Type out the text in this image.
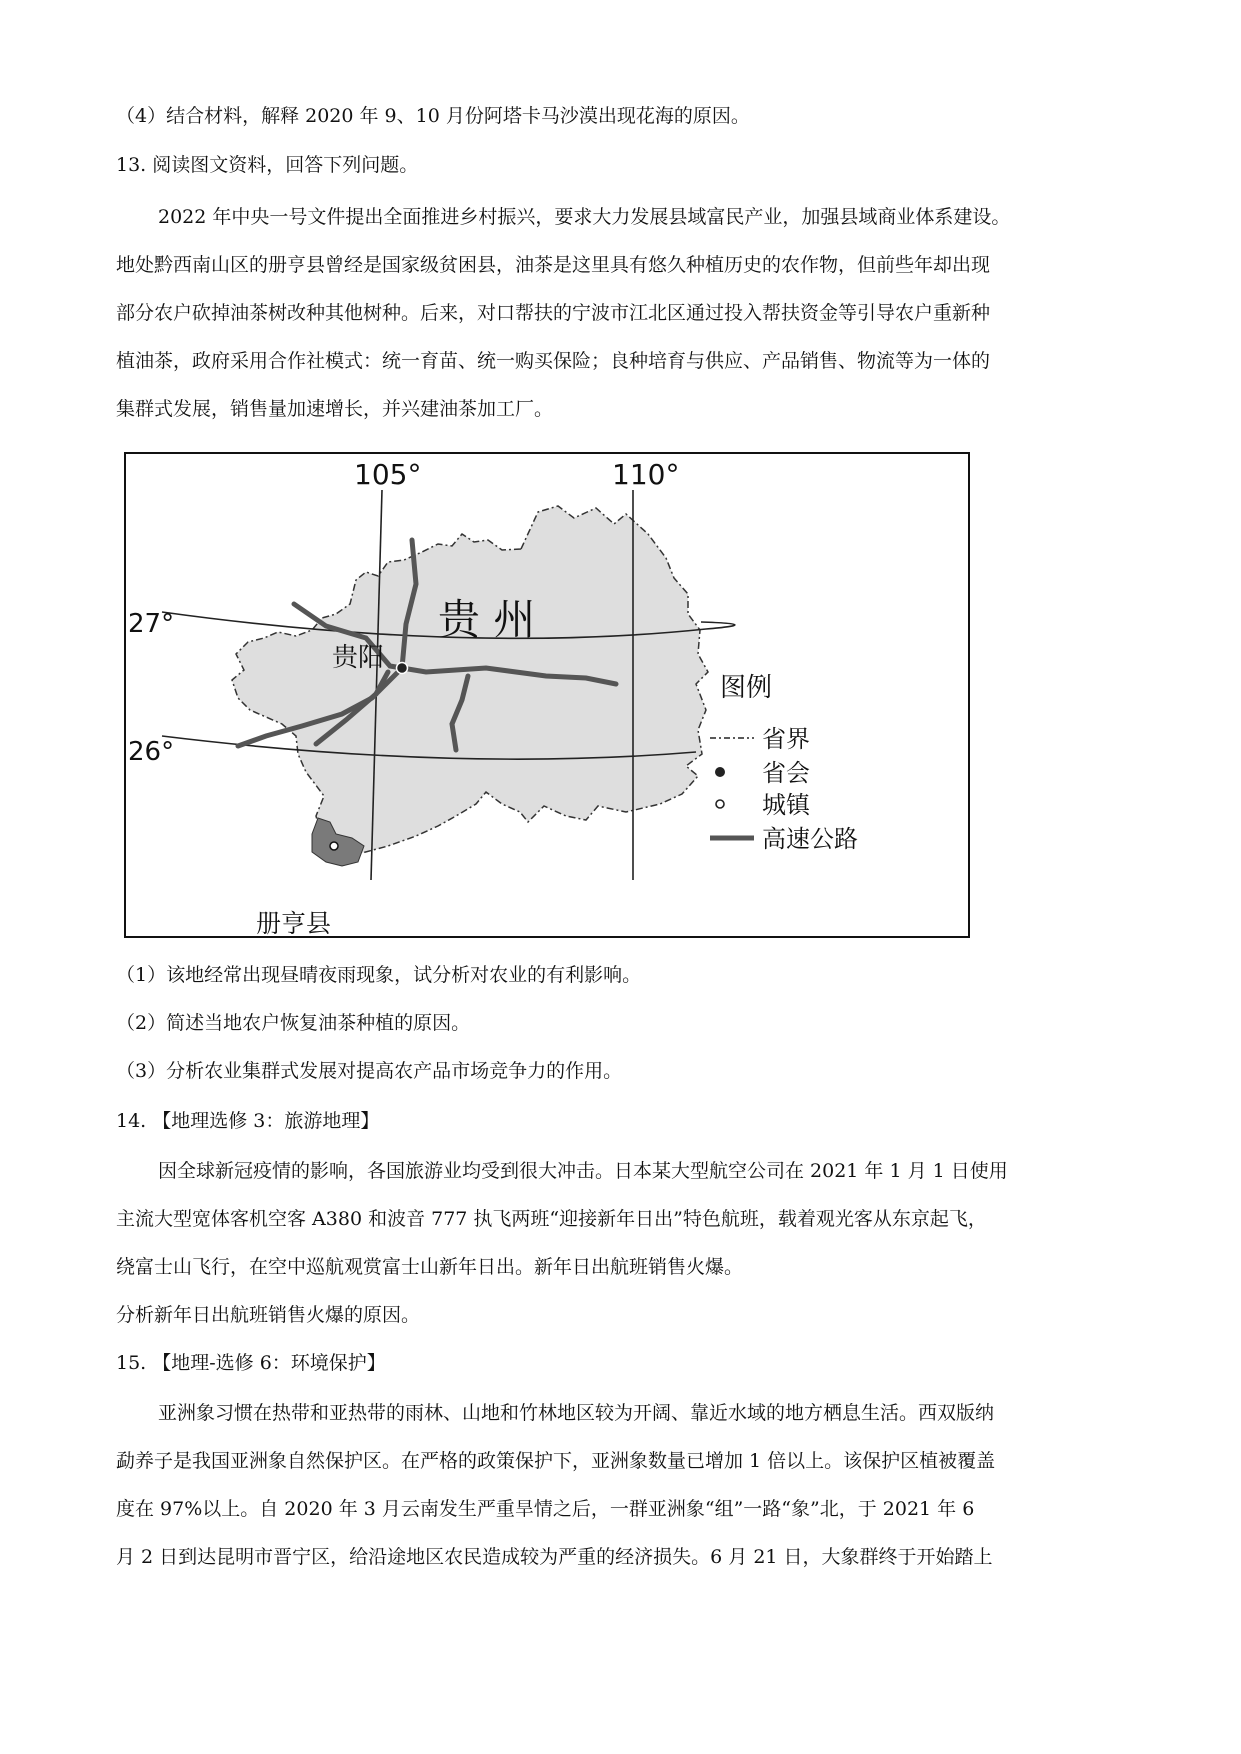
（4）结合材料，解释 2020 年 9、10 月份阿塔卡马沙漠出现花海的原因。
13. 阅读图文资料，回答下列问题。
2022 年中央一号文件提出全面推进乡村振兴，要求大力发展县域富民产业，加强县域商业体系建设。
地处黔西南山区的册亨县曾经是国家级贫困县，油茶是这里具有悠久种植历史的农作物，但前些年却出现
部分农户砍掉油茶树改种其他树种。后来，对口帮扶的宁波市江北区通过投入帮扶资金等引导农户重新种
植油茶，政府采用合作社模式：统一育苗、统一购买保险；良种培育与供应、产品销售、物流等为一体的
集群式发展，销售量加速增长，并兴建油茶加工厂。
105°	110°
27°
26°
贵 州
贵阳
册亨县
图例
省界
省会
城镇
高速公路
（1）该地经常出现昼晴夜雨现象，试分析对农业的有利影响。
（2）简述当地农户恢复油茶种植的原因。
（3）分析农业集群式发展对提高农产品市场竞争力的作用。
14. 【地理选修 3：旅游地理】
因全球新冠疫情的影响，各国旅游业均受到很大冲击。日本某大型航空公司在 2021 年 1 月 1 日使用
主流大型宽体客机空客 A380 和波音 777 执飞两班“迎接新年日出”特色航班，载着观光客从东京起飞，
绕富士山飞行，在空中巡航观赏富士山新年日出。新年日出航班销售火爆。
分析新年日出航班销售火爆的原因。
15. 【地理-选修 6：环境保护】
亚洲象习惯在热带和亚热带的雨林、山地和竹林地区较为开阔、靠近水域的地方栖息生活。西双版纳
勐养子是我国亚洲象自然保护区。在严格的政策保护下，亚洲象数量已增加 1 倍以上。该保护区植被覆盖
度在 97%以上。自 2020 年 3 月云南发生严重旱情之后，一群亚洲象“组”一路“象”北，于 2021 年 6
月 2 日到达昆明市晋宁区，给沿途地区农民造成较为严重的经济损失。6 月 21 日，大象群终于开始踏上
